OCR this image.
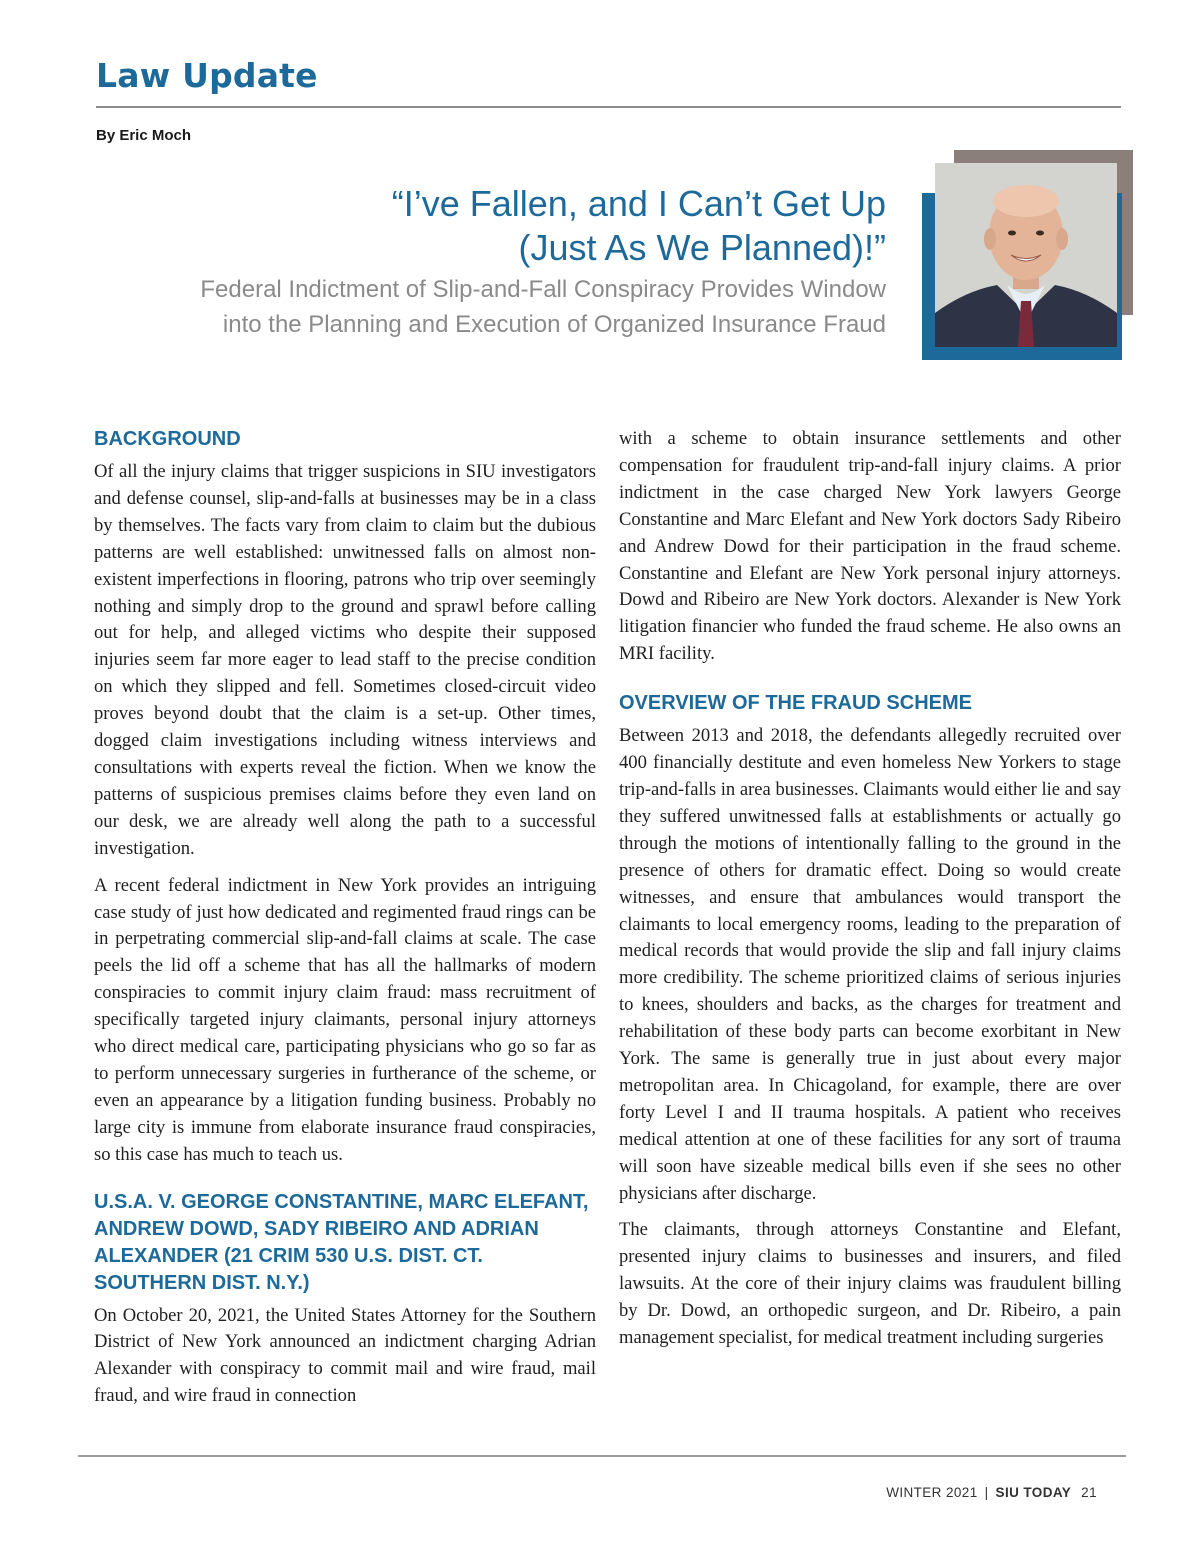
Law Update
By Eric Moch
“I’ve Fallen, and I Can’t Get Up
(Just As We Planned)!”
Federal Indictment of Slip-and-Fall Conspiracy Provides Window
into the Planning and Execution of Organized Insurance Fraud
BACKGROUND

Of all the injury claims that trigger suspicions in SIU investigators and defense counsel, slip-and-falls at businesses may be in a class by themselves. The facts vary from claim to claim but the dubious patterns are well established: unwitnessed falls on almost non-existent imperfections in flooring, patrons who trip over seemingly nothing and simply drop to the ground and sprawl before calling out for help, and alleged victims who despite their supposed injuries seem far more eager to lead staff to the precise condition on which they slipped and fell. Sometimes closed-circuit video proves beyond doubt that the claim is a set-up. Other times, dogged claim investigations including witness interviews and consultations with experts reveal the fiction. When we know the patterns of suspicious premises claims before they even land on our desk, we are already well along the path to a successful investigation.

A recent federal indictment in New York provides an intriguing case study of just how dedicated and regimented fraud rings can be in perpetrating commercial slip-and-fall claims at scale. The case peels the lid off a scheme that has all the hallmarks of modern conspiracies to commit injury claim fraud: mass recruitment of specifically targeted injury claimants, personal injury attorneys who direct medical care, participating physicians who go so far as to perform unnecessary surgeries in furtherance of the scheme, or even an appearance by a litigation funding business. Probably no large city is immune from elaborate insurance fraud conspiracies, so this case has much to teach us.

U.S.A. V. GEORGE CONSTANTINE, MARC ELEFANT, ANDREW DOWD, SADY RIBEIRO AND ADRIAN ALEXANDER (21 CRIM 530 U.S. DIST. CT. SOUTHERN DIST. N.Y.)

On October 20, 2021, the United States Attorney for the Southern District of New York announced an indictment charging Adrian Alexander with conspiracy to commit mail and wire fraud, mail fraud, and wire fraud in connection

with a scheme to obtain insurance settlements and other compensation for fraudulent trip-and-fall injury claims. A prior indictment in the case charged New York lawyers George Constantine and Marc Elefant and New York doctors Sady Ribeiro and Andrew Dowd for their participation in the fraud scheme. Constantine and Elefant are New York personal injury attorneys. Dowd and Ribeiro are New York doctors. Alexander is New York litigation financier who funded the fraud scheme. He also owns an MRI facility.

OVERVIEW OF THE FRAUD SCHEME

Between 2013 and 2018, the defendants allegedly recruited over 400 financially destitute and even homeless New Yorkers to stage trip-and-falls in area businesses. Claimants would either lie and say they suffered unwitnessed falls at establishments or actually go through the motions of intentionally falling to the ground in the presence of others for dramatic effect. Doing so would create witnesses, and ensure that ambulances would transport the claimants to local emergency rooms, leading to the preparation of medical records that would provide the slip and fall injury claims more credibility. The scheme prioritized claims of serious injuries to knees, shoulders and backs, as the charges for treatment and rehabilitation of these body parts can become exorbitant in New York. The same is generally true in just about every major metropolitan area. In Chicagoland, for example, there are over forty Level I and II trauma hospitals. A patient who receives medical attention at one of these facilities for any sort of trauma will soon have sizeable medical bills even if she sees no other physicians after discharge.

The claimants, through attorneys Constantine and Elefant, presented injury claims to businesses and insurers, and filed lawsuits. At the core of their injury claims was fraudulent billing by Dr. Dowd, an orthopedic surgeon, and Dr. Ribeiro, a pain management specialist, for medical treatment including surgeries

WINTER 2021 | SIU TODAY 21
